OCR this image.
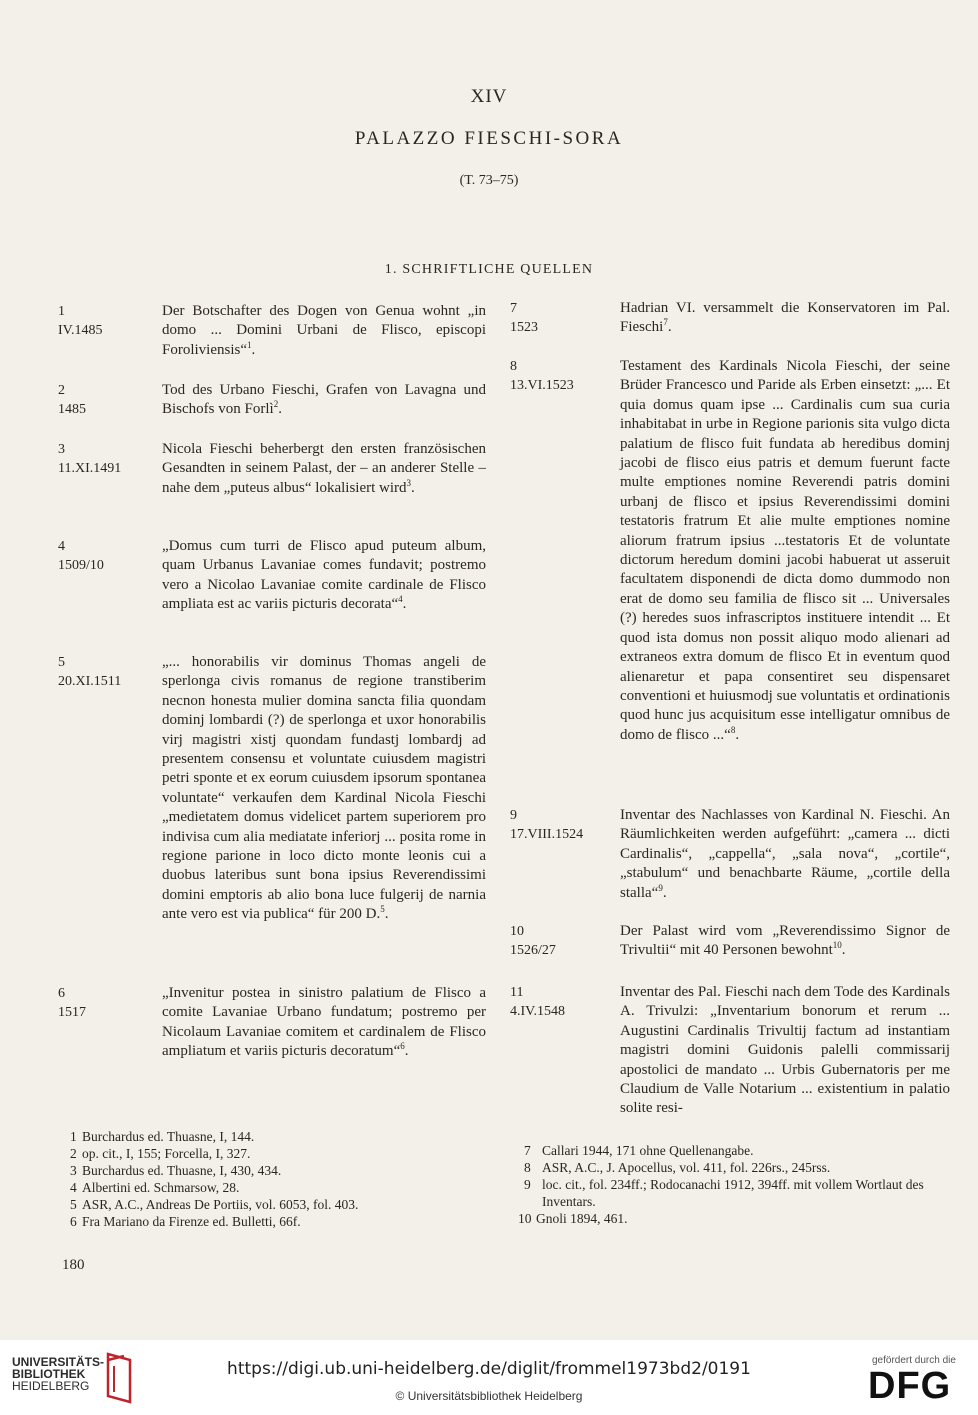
XIV
PALAZZO FIESCHI-SORA
(T. 73–75)
1. SCHRIFTLICHE QUELLEN
1
IV.1485
Der Botschafter des Dogen von Genua wohnt „in domo ... Domini Urbani de Flisco, episcopi Foroliviensis“$^1$.
2
1485
Tod des Urbano Fieschi, Grafen von Lavagna und Bischofs von Forlì$^2$.
3
11.XI.1491
Nicola Fieschi beherbergt den ersten französischen Gesandten in seinem Palast, der – an anderer Stelle – nahe dem „puteus albus“ lokalisiert wird$^3$.
4
1509/10
„Domus cum turri de Flisco apud puteum album, quam Urbanus Lavaniae comes fundavit; postremo vero a Nicolao Lavaniae comite cardinale de Flisco ampliata est ac variis picturis decorata“$^4$.
5
20.XI.1511
„... honorabilis vir dominus Thomas angeli de sperlonga civis romanus de regione transtiberim necnon honesta mulier domina sancta filia quondam dominj lombardi (?) de sperlonga et uxor honorabilis virj magistri xistj quondam fundastj lombardj ad presentem consensu et voluntate cuiusdem magistri petri sponte et ex eorum cuiusdem ipsorum spontanea voluntate“ verkaufen dem Kardinal Nicola Fieschi „medietatem domus videlicet partem superiorem pro indivisa cum alia mediatate inferiorj ... posita rome in regione parione in loco dicto monte leonis cui a duobus lateribus sunt bona ipsius Reverendissimi domini emptoris ab alio bona luce fulgerij de narnia ante vero est via publica“ für 200 D.$^5$.
6
1517
„Invenitur postea in sinistro palatium de Flisco a comite Lavaniae Urbano fundatum; postremo per Nicolaum Lavaniae comitem et cardinalem de Flisco ampliatum et variis picturis decoratum“$^6$.
7
1523
Hadrian VI. versammelt die Konservatoren im Pal. Fieschi$^7$.
8
13.VI.1523
Testament des Kardinals Nicola Fieschi, der seine Brüder Francesco und Paride als Erben einsetzt: „... Et quia domus quam ipse ... Cardinalis cum sua curia inhabitabat in urbe in Regione parionis sita vulgo dicta palatium de flisco fuit fundata ab heredibus dominj jacobi de flisco eius patris et demum fuerunt facte multe emptiones nomine Reverendi patris domini urbanj de flisco et ipsius Reverendissimi domini testatoris fratrum Et alie multe emptiones nomine aliorum fratrum ipsius ...testatoris Et de voluntate dictorum heredum domini jacobi habuerat ut asseruit facultatem disponendi de dicta domo dummodo non erat de domo seu familia de flisco sit ... Universales (?) heredes suos infrascriptos instituere intendit ... Et quod ista domus non possit aliquo modo alienari ad extraneos extra domum de flisco Et in eventum quod alienaretur et papa consentiret seu dispensaret conventioni et huiusmodj sue voluntatis et ordinationis quod hunc jus acquisitum esse intelligatur omnibus de domo de flisco ...“$^8$.
9
17.VIII.1524
Inventar des Nachlasses von Kardinal N. Fieschi. An Räumlichkeiten werden aufgeführt: „camera ... dicti Cardinalis“, „cappella“, „sala nova“, „cortile“, „stabulum“ und benachbarte Räume, „cortile della stalla“$^9$.
10
1526/27
Der Palast wird vom „Reverendissimo Signor de Trivultii“ mit 40 Personen bewohnt$^{10}$.
11
4.IV.1548
Inventar des Pal. Fieschi nach dem Tode des Kardinals A. Trivulzi: „Inventarium bonorum et rerum ... Augustini Cardinalis Trivultij factum ad instantiam magistri domini Guidonis palelli commissarij apostolici de mandato ... Urbis Gubernatoris per me Claudium de Valle Notarium ... existentium in palatio solite resi-
1 Burchardus ed. Thuasne, I, 144.
2 op. cit., I, 155; Forcella, I, 327.
3 Burchardus ed. Thuasne, I, 430, 434.
4 Albertini ed. Schmarsow, 28.
5 ASR, A.C., Andreas De Portiis, vol. 6053, fol. 403.
6 Fra Mariano da Firenze ed. Bulletti, 66f.
7 Callari 1944, 171 ohne Quellenangabe.
8 ASR, A.C., J. Apocellus, vol. 411, fol. 226rs., 245rss.
9 loc. cit., fol. 234ff.; Rodocanachi 1912, 394ff. mit vollem Wortlaut des Inventars.
10 Gnoli 1894, 461.
180
UNIVERSITÄTS-
BIBLIOTHEK
HEIDELBERG
https://digi.ub.uni-heidelberg.de/diglit/frommel1973bd2/0191
© Universitätsbibliothek Heidelberg
gefördert durch die
DFG
